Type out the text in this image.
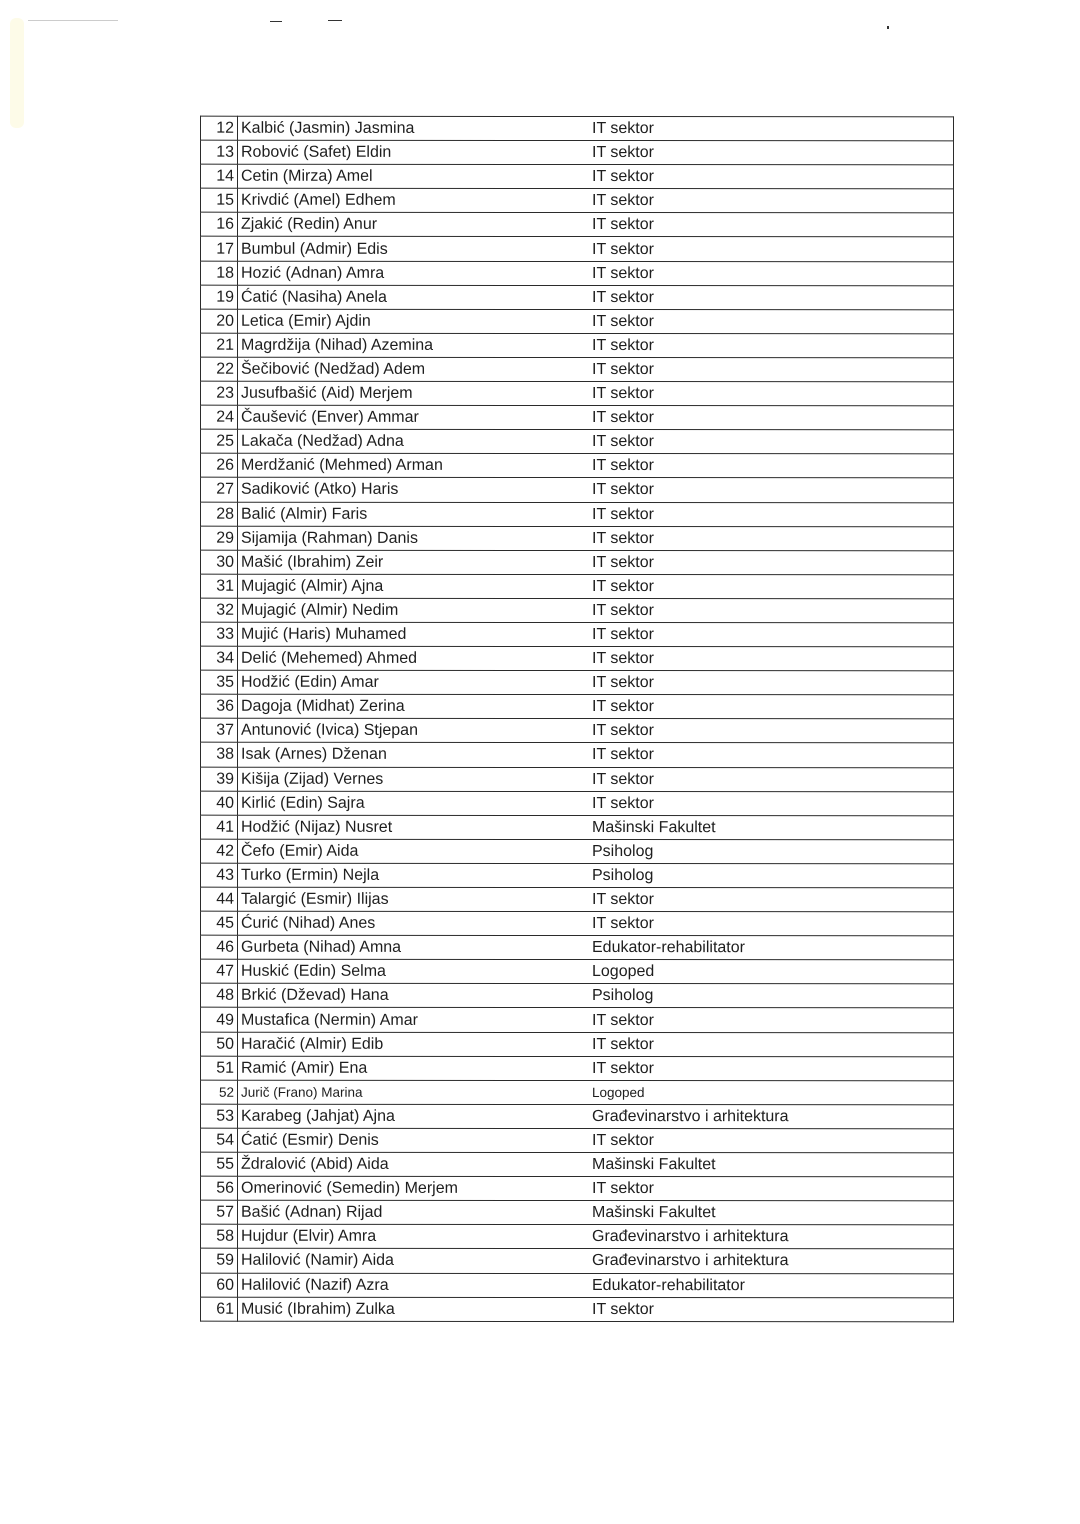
12	Kalbić (Jasmin) Jasmina	IT sektor
13	Robović (Safet) Eldin	IT sektor
14	Cetin (Mirza) Amel	IT sektor
15	Krivdić (Amel) Edhem	IT sektor
16	Zjakić (Redin) Anur	IT sektor
17	Bumbul (Admir) Edis	IT sektor
18	Hozić (Adnan) Amra	IT sektor
19	Ćatić (Nasiha) Anela	IT sektor
20	Letica (Emir) Ajdin	IT sektor
21	Magrdžija (Nihad) Azemina	IT sektor
22	Šečibović (Nedžad) Adem	IT sektor
23	Jusufbašić (Aid) Merjem	IT sektor
24	Čaušević (Enver) Ammar	IT sektor
25	Lakača (Nedžad) Adna	IT sektor
26	Merdžanić (Mehmed) Arman	IT sektor
27	Sadiković (Atko) Haris	IT sektor
28	Balić (Almir) Faris	IT sektor
29	Sijamija (Rahman) Danis	IT sektor
30	Mašić (Ibrahim) Zeir	IT sektor
31	Mujagić (Almir) Ajna	IT sektor
32	Mujagić (Almir) Nedim	IT sektor
33	Mujić (Haris) Muhamed	IT sektor
34	Delić (Mehemed) Ahmed	IT sektor
35	Hodžić (Edin) Amar	IT sektor
36	Dagoja (Midhat) Zerina	IT sektor
37	Antunović (Ivica) Stjepan	IT sektor
38	Isak (Arnes) Dženan	IT sektor
39	Kišija (Zijad) Vernes	IT sektor
40	Kirlić (Edin) Sajra	IT sektor
41	Hodžić (Nijaz) Nusret	Mašinski Fakultet
42	Čefo (Emir) Aida	Psiholog
43	Turko (Ermin) Nejla	Psiholog
44	Talargić (Esmir) Ilijas	IT sektor
45	Ćurić (Nihad) Anes	IT sektor
46	Gurbeta (Nihad) Amna	Edukator-rehabilitator
47	Huskić (Edin) Selma	Logoped
48	Brkić (Dževad) Hana	Psiholog
49	Mustafica (Nermin) Amar	IT sektor
50	Haračić (Almir) Edib	IT sektor
51	Ramić (Amir) Ena	IT sektor
52	Jurič (Frano) Marina	Logoped
53	Karabeg (Jahjat) Ajna	Građevinarstvo i arhitektura
54	Ćatić (Esmir) Denis	IT sektor
55	Ždralović (Abid) Aida	Mašinski Fakultet
56	Omerinović (Semedin) Merjem	IT sektor
57	Bašić (Adnan) Rijad	Mašinski Fakultet
58	Hujdur (Elvir) Amra	Građevinarstvo i arhitektura
59	Halilović (Namir) Aida	Građevinarstvo i arhitektura
60	Halilović (Nazif) Azra	Edukator-rehabilitator
61	Musić (Ibrahim) Zulka	IT sektor
